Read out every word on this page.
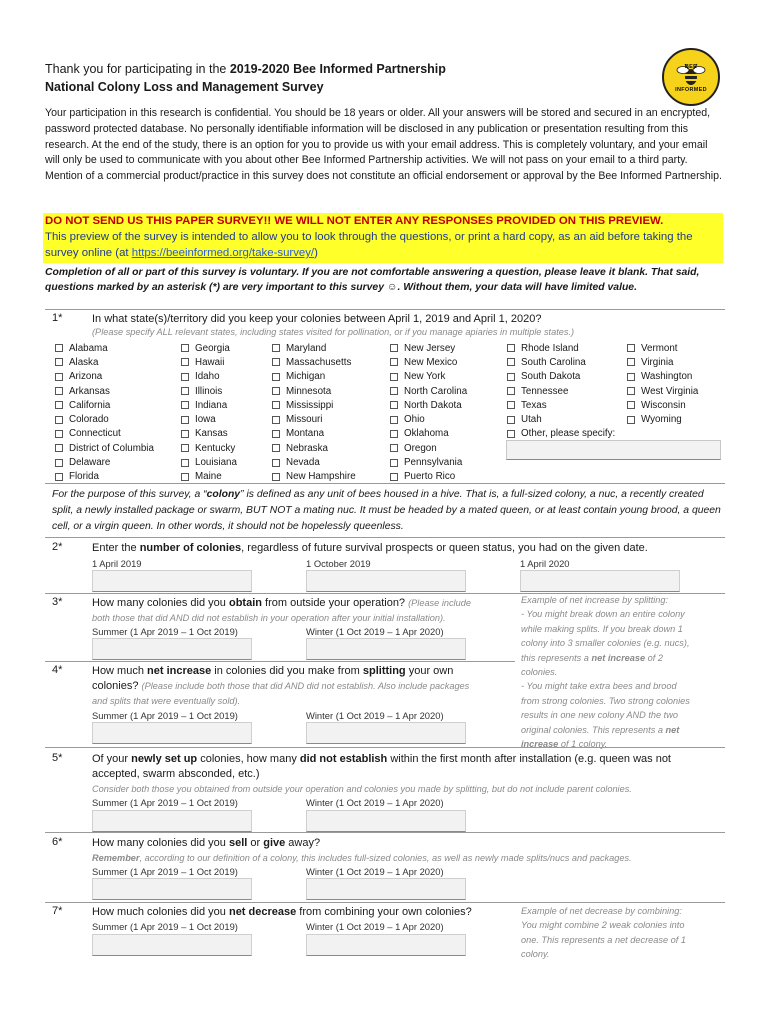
Thank you for participating in the 2019-2020 Bee Informed Partnership
National Colony Loss and Management Survey
BEE
INFORMED
Your participation in this research is confidential. You should be 18 years or older. All your answers will be stored and secured in an encrypted, password protected database. No personally identifiable information will be disclosed in any publication or presentation resulting from this research. At the end of the study, there is an option for you to provide us with your email address. This is completely voluntary, and your email will only be used to communicate with you about other Bee Informed Partnership activities. We will not pass on your email to a third party. Mention of a commercial product/practice in this survey does not constitute an official endorsement or approval by the Bee Informed Partnership.
DO NOT SEND US THIS PAPER SURVEY!! WE WILL NOT ENTER ANY RESPONSES PROVIDED ON THIS PREVIEW.
This preview of the survey is intended to allow you to look through the questions, or print a hard copy, as an aid before taking the survey online (at https://beeinformed.org/take-survey/)
Completion of all or part of this survey is voluntary. If you are not comfortable answering a question, please leave it blank. That said, questions marked by an asterisk (*) are very important to this survey ☺. Without them, your data will have limited value.
1*	In what state(s)/territory did you keep your colonies between April 1, 2019 and April 1, 2020?
(Please specify ALL relevant states, including states visited for pollination, or if you manage apiaries in multiple states.)
Alabama
Alaska
Arizona
Arkansas
California
Colorado
Connecticut
District of Columbia
Delaware
Florida
Georgia
Hawaii
Idaho
Illinois
Indiana
Iowa
Kansas
Kentucky
Louisiana
Maine
Maryland
Massachusetts
Michigan
Minnesota
Mississippi
Missouri
Montana
Nebraska
Nevada
New Hampshire
New Jersey
New Mexico
New York
North Carolina
North Dakota
Ohio
Oklahoma
Oregon
Pennsylvania
Puerto Rico
Rhode Island
South Carolina
South Dakota
Tennessee
Texas
Utah
Other, please specify:
Vermont
Virginia
Washington
West Virginia
Wisconsin
Wyoming
For the purpose of this survey, a “colony” is defined as any unit of bees housed in a hive. That is, a full-sized colony, a nuc, a recently created split, a newly installed package or swarm, BUT NOT a mating nuc. It must be headed by a mated queen, or at least contain young brood, a queen cell, or a virgin queen. In other words, it should not be hopelessly queenless.
2*	Enter the number of colonies, regardless of future survival prospects or queen status, you had on the given date.
1 April 2019	1 October 2019	1 April 2020
3*	How many colonies did you obtain from outside your operation? (Please include
both those that did AND did not establish in your operation after your initial installation).
Summer (1 Apr 2019 – 1 Oct 2019)	Winter (1 Oct 2019 – 1 Apr 2020)
Example of net increase by splitting:
- You might break down an entire colony
while making splits. If you break down 1
colony into 3 smaller colonies (e.g. nucs),
this represents a net increase of 2
colonies.
- You might take extra bees and brood
from strong colonies. Two strong colonies
results in one new colony AND the two
original colonies. This represents a net
increase of 1 colony.
4*	How much net increase in colonies did you make from splitting your own
colonies? (Please include both those that did AND did not establish. Also include packages
and splits that were eventually sold).
Summer (1 Apr 2019 – 1 Oct 2019)	Winter (1 Oct 2019 – 1 Apr 2020)
5*	Of your newly set up colonies, how many did not establish within the first month after installation (e.g. queen was not
accepted, swarm absconded, etc.)
Consider both those you obtained from outside your operation and colonies you made by splitting, but do not include parent colonies.
Summer (1 Apr 2019 – 1 Oct 2019)	Winter (1 Oct 2019 – 1 Apr 2020)
6*	How many colonies did you sell or give away?
Remember, according to our definition of a colony, this includes full-sized colonies, as well as newly made splits/nucs and packages.
Summer (1 Apr 2019 – 1 Oct 2019)	Winter (1 Oct 2019 – 1 Apr 2020)
7*	How much colonies did you net decrease from combining your own colonies?
Summer (1 Apr 2019 – 1 Oct 2019)	Winter (1 Oct 2019 – 1 Apr 2020)
Example of net decrease by combining:
You might combine 2 weak colonies into
one. This represents a net decrease of 1
colony.
